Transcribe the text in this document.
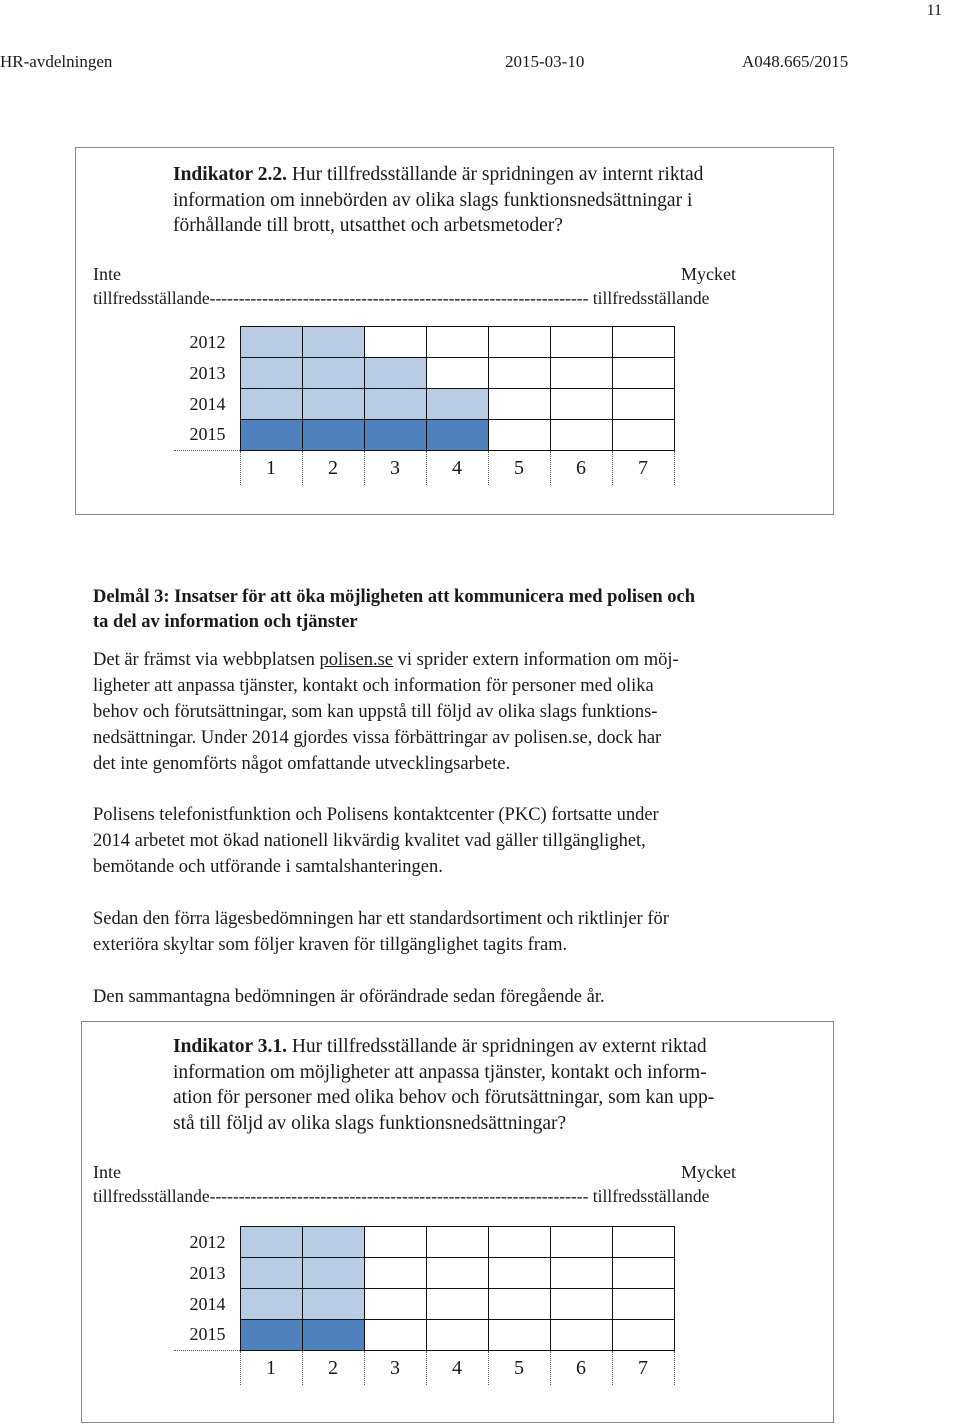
11
HR-avdelningen	2015-03-10	A048.665/2015

Indikator 2.2. Hur tillfredsställande är spridningen av internt riktad
information om innebörden av olika slags funktionsnedsättningar i
förhållande till brott, utsatthet och arbetsmetoder?

Inte	Mycket
tillfredsställande----------------------------------------------------------------- tillfredsställande
2012							
2013							
2014							
2015							
	1	2	3	4	5	6	7

Delmål 3: Insatser för att öka möjligheten att kommunicera med polisen och
ta del av information och tjänster

Det är främst via webbplatsen polisen.se vi sprider extern information om möj-
ligheter att anpassa tjänster, kontakt och information för personer med olika
behov och förutsättningar, som kan uppstå till följd av olika slags funktions-
nedsättningar. Under 2014 gjordes vissa förbättringar av polisen.se, dock har
det inte genomförts något omfattande utvecklingsarbete.

Polisens telefonistfunktion och Polisens kontaktcenter (PKC) fortsatte under
2014 arbetet mot ökad nationell likvärdig kvalitet vad gäller tillgänglighet,
bemötande och utförande i samtalshanteringen.

Sedan den förra lägesbedömningen har ett standardsortiment och riktlinjer för
exteriöra skyltar som följer kraven för tillgänglighet tagits fram.

Den sammantagna bedömningen är oförändrade sedan föregående år.

Indikator 3.1. Hur tillfredsställande är spridningen av externt riktad
information om möjligheter att anpassa tjänster, kontakt och inform-
ation för personer med olika behov och förutsättningar, som kan upp-
stå till följd av olika slags funktionsnedsättningar?

Inte	Mycket
tillfredsställande----------------------------------------------------------------- tillfredsställande
2012							
2013							
2014							
2015							
	1	2	3	4	5	6	7
